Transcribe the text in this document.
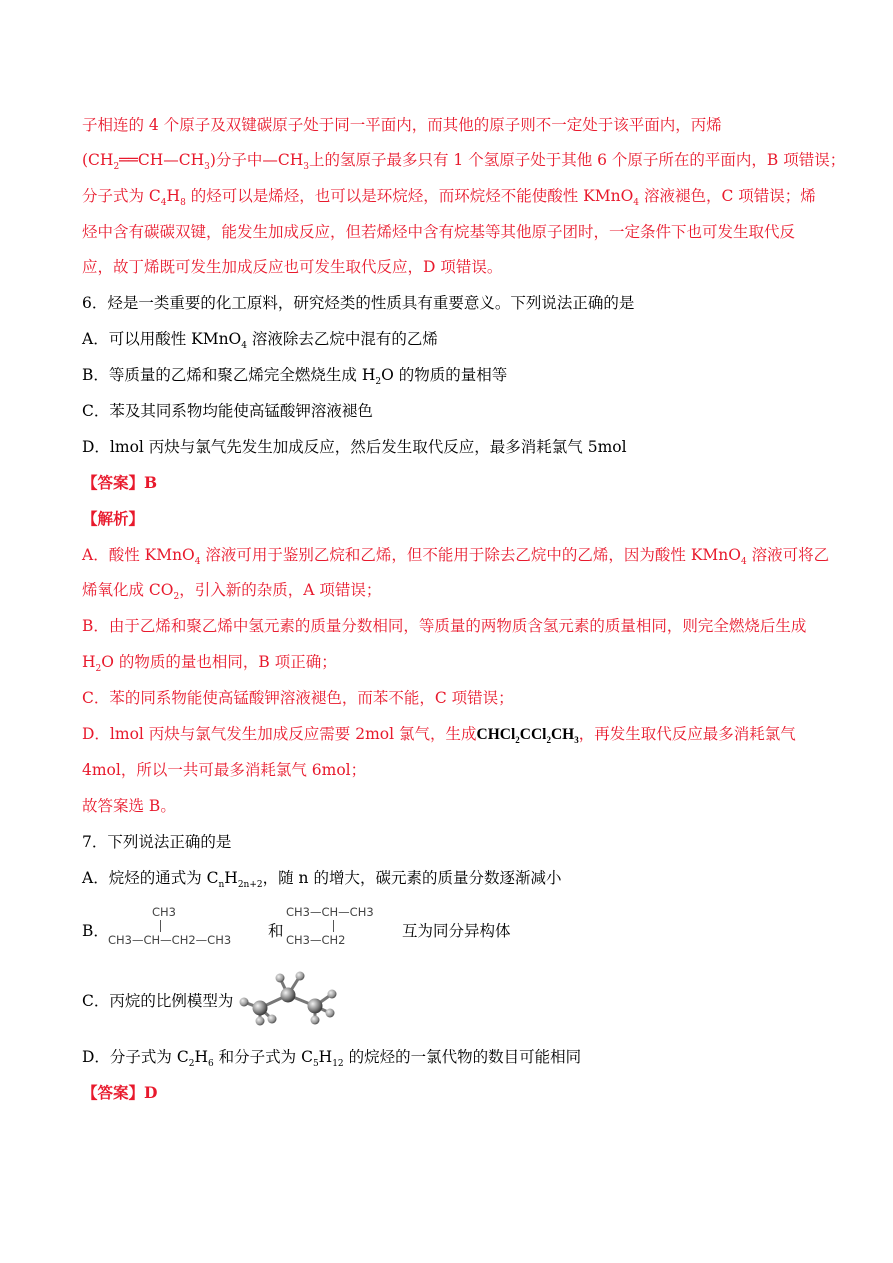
子相连的 4 个原子及双键碳原子处于同一平面内，而其他的原子则不一定处于该平面内，丙烯
$(CH_2══CH—CH_3)$分子中$—CH_3$上的氢原子最多只有 1 个氢原子处于其他 6 个原子所在的平面内，B 项错误；
分子式为 $C_4H_8$ 的烃可以是烯烃，也可以是环烷烃，而环烷烃不能使酸性 KMnO$_4$ 溶液褪色，C 项错误；烯
烃中含有碳碳双键，能发生加成反应，但若烯烃中含有烷基等其他原子团时，一定条件下也可发生取代反
应，故丁烯既可发生加成反应也可发生取代反应，D 项错误。
6．烃是一类重要的化工原料，研究烃类的性质具有重要意义。下列说法正确的是
A．可以用酸性 KMnO$_4$ 溶液除去乙烷中混有的乙烯
B．等质量的乙烯和聚乙烯完全燃烧生成 $H_2O$ 的物质的量相等
C．苯及其同系物均能使高锰酸钾溶液褪色
D．lmol 丙炔与氯气先发生加成反应，然后发生取代反应，最多消耗氯气 5mol
【答案】B
【解析】
A．酸性 KMnO$_4$ 溶液可用于鉴别乙烷和乙烯，但不能用于除去乙烷中的乙烯，因为酸性 KMnO$_4$ 溶液可将乙
烯氧化成 $CO_2$，引入新的杂质，A 项错误；
B．由于乙烯和聚乙烯中氢元素的质量分数相同，等质量的两物质含氢元素的质量相同，则完全燃烧后生成
$H_2O$ 的物质的量也相同，B 项正确；
C．苯的同系物能使高锰酸钾溶液褪色，而苯不能，C 项错误；
D．lmol 丙炔与氯气发生加成反应需要 2mol 氯气，生成$CHCl_2CCl_2CH_3$，再发生取代反应最多消耗氯气
4mol，所以一共可最多消耗氯气 6mol；
故答案选 B。
7．下列说法正确的是
A．烷烃的通式为 $C_nH_{2n+2}$，随 n 的增大，碳元素的质量分数逐渐减小
B．
CH3
CH3—CH—CH2—CH3 和
CH3—CH—CH3
CH3—CH2	互为同分异构体
C．丙烷的比例模型为
D．分子式为 $C_2H_6$ 和分子式为 $C_5H_{12}$ 的烷烃的一氯代物的数目可能相同
【答案】D
